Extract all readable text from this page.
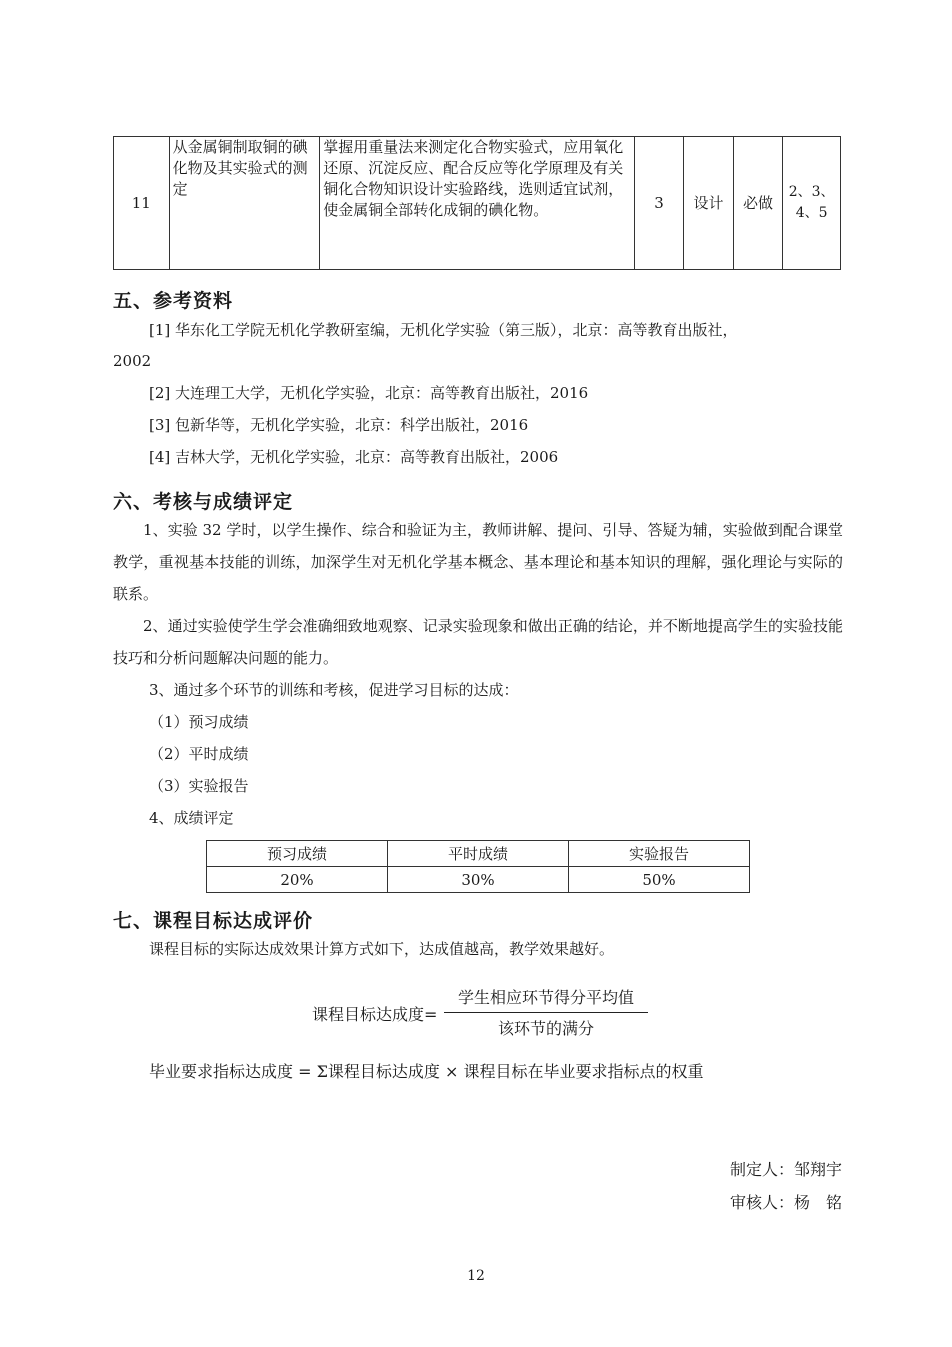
11	从金属铜制取铜的碘化物及其实验式的测定	掌握用重量法来测定化合物实验式，应用氧化还原、沉淀反应、配合反应等化学原理及有关铜化合物知识设计实验路线，选则适宜试剂，使金属铜全部转化成铜的碘化物。	3	设计	必做	2、3、4、5
五、参考资料
[1] 华东化工学院无机化学教研室编，无机化学实验（第三版），北京：高等教育出版社，
2002
[2] 大连理工大学，无机化学实验，北京：高等教育出版社，2016
[3] 包新华等，无机化学实验，北京：科学出版社，2016
[4] 吉林大学，无机化学实验，北京：高等教育出版社，2006
六、考核与成绩评定
1、实验 32 学时，以学生操作、综合和验证为主，教师讲解、提问、引导、答疑为辅，实验做到配合课堂教学，重视基本技能的训练，加深学生对无机化学基本概念、基本理论和基本知识的理解，强化理论与实际的联系。
2、通过实验使学生学会准确细致地观察、记录实验现象和做出正确的结论，并不断地提高学生的实验技能技巧和分析问题解决问题的能力。
3、通过多个环节的训练和考核，促进学习目标的达成：
（1）预习成绩
（2）平时成绩
（3）实验报告
4、成绩评定
预习成绩	平时成绩	实验报告
20%	30%	50%
七、课程目标达成评价
课程目标的实际达成效果计算方式如下，达成值越高，教学效果越好。
课程目标达成度=
学生相应环节得分平均值
该环节的满分
毕业要求指标达成度 = Σ课程目标达成度 × 课程目标在毕业要求指标点的权重
制定人：邹翔宇
审核人：杨　铭
12
